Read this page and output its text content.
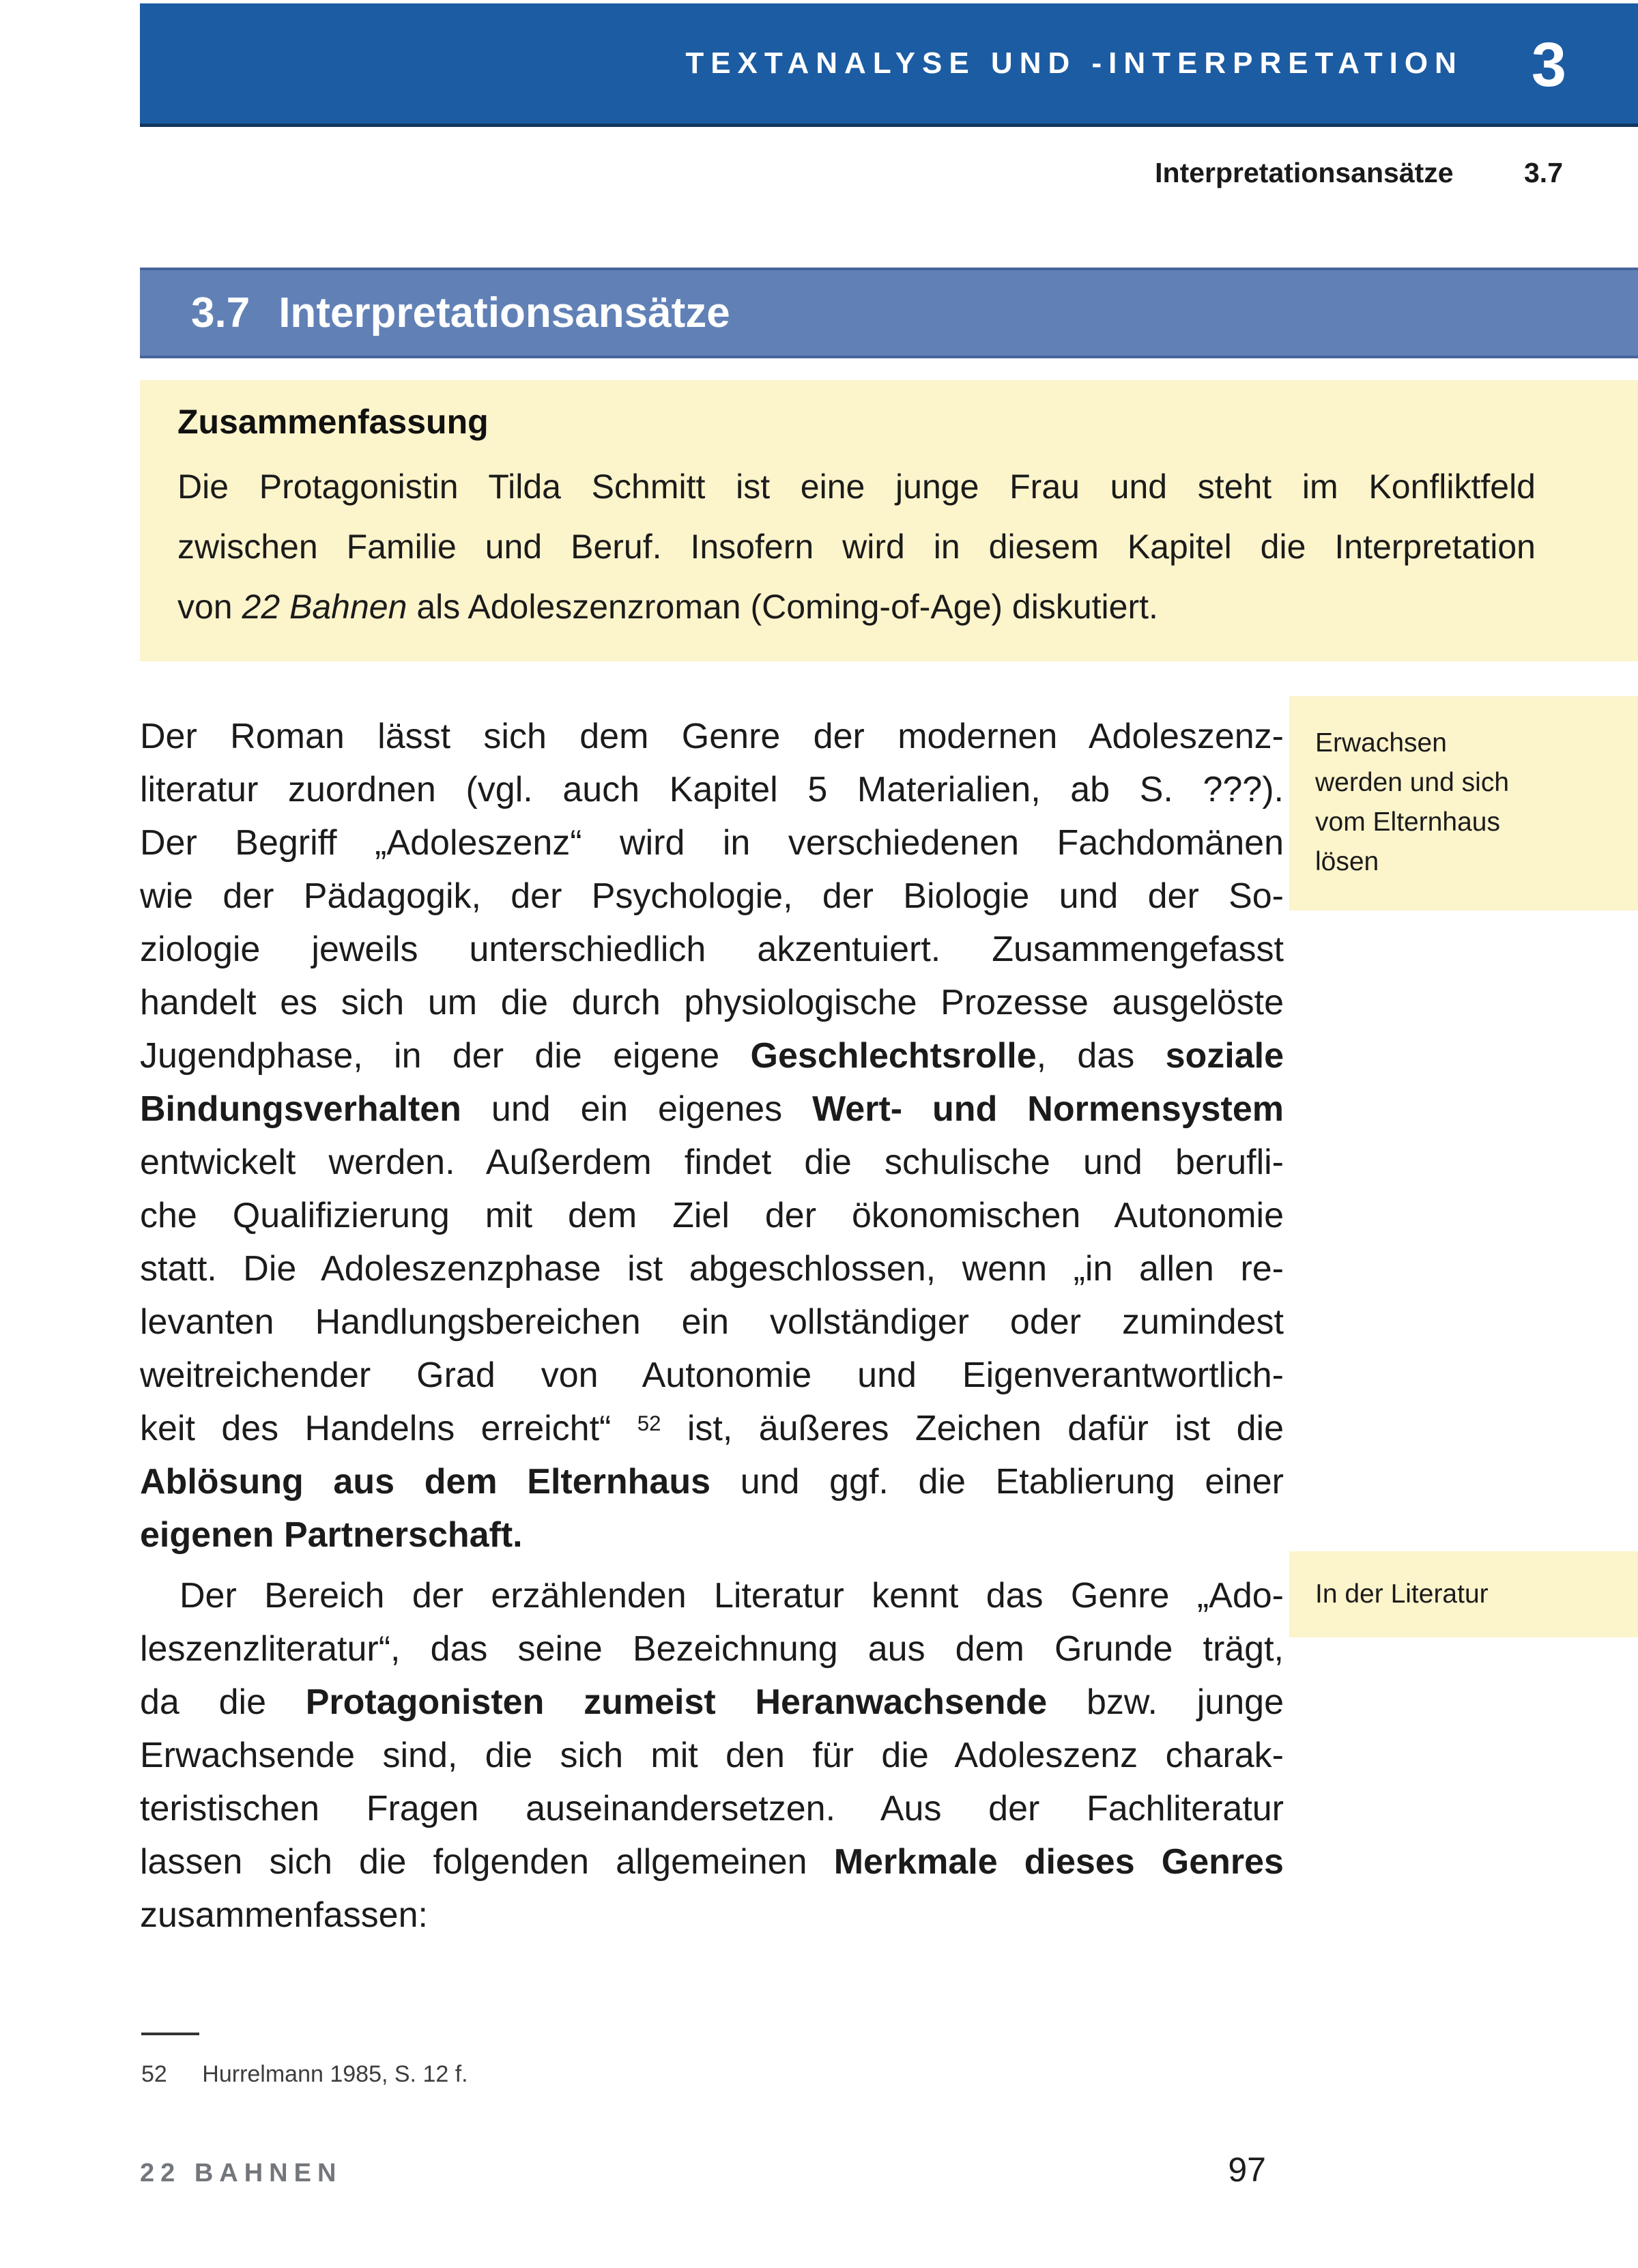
TEXTANALYSE UND -INTERPRETATION 3
Interpretationsansätze	3.7
3.7 Interpretationsansätze
Zusammenfassung
Die Protagonistin Tilda Schmitt ist eine junge Frau und steht im Konfliktfeld
zwischen Familie und Beruf. Insofern wird in diesem Kapitel die Interpretation
von 22 Bahnen als Adoleszenzroman (Coming-of-Age) diskutiert.
Der Roman lässt sich dem Genre der modernen Adoleszenz-
literatur zuordnen (vgl. auch Kapitel 5 Materialien, ab S. ???).
Der Begriff „Adoleszenz“ wird in verschiedenen Fachdomänen
wie der Pädagogik, der Psychologie, der Biologie und der So-
ziologie jeweils unterschiedlich akzentuiert. Zusammengefasst
handelt es sich um die durch physiologische Prozesse ausgelöste
Jugendphase, in der die eigene Geschlechtsrolle, das soziale
Bindungsverhalten und ein eigenes Wert- und Normensystem
entwickelt werden. Außerdem findet die schulische und berufli-
che Qualifizierung mit dem Ziel der ökonomischen Autonomie
statt. Die Adoleszenzphase ist abgeschlossen, wenn „in allen re-
levanten Handlungsbereichen ein vollständiger oder zumindest
weitreichender Grad von Autonomie und Eigenverantwortlich-
keit des Handelns erreicht“ $^{52}$ ist, äußeres Zeichen dafür ist die
Ablösung aus dem Elternhaus und ggf. die Etablierung einer
eigenen Partnerschaft.
Der Bereich der erzählenden Literatur kennt das Genre „Ado-
leszenzliteratur“, das seine Bezeichnung aus dem Grunde trägt,
da die Protagonisten zumeist Heranwachsende bzw. junge
Erwachsende sind, die sich mit den für die Adoleszenz charak-
teristischen Fragen auseinandersetzen. Aus der Fachliteratur
lassen sich die folgenden allgemeinen Merkmale dieses Genres
zusammenfassen:
Erwachsen werden und sich vom Elternhaus lösen
In der Literatur
52 Hurrelmann 1985, S. 12 f.
22 BAHNEN	97
